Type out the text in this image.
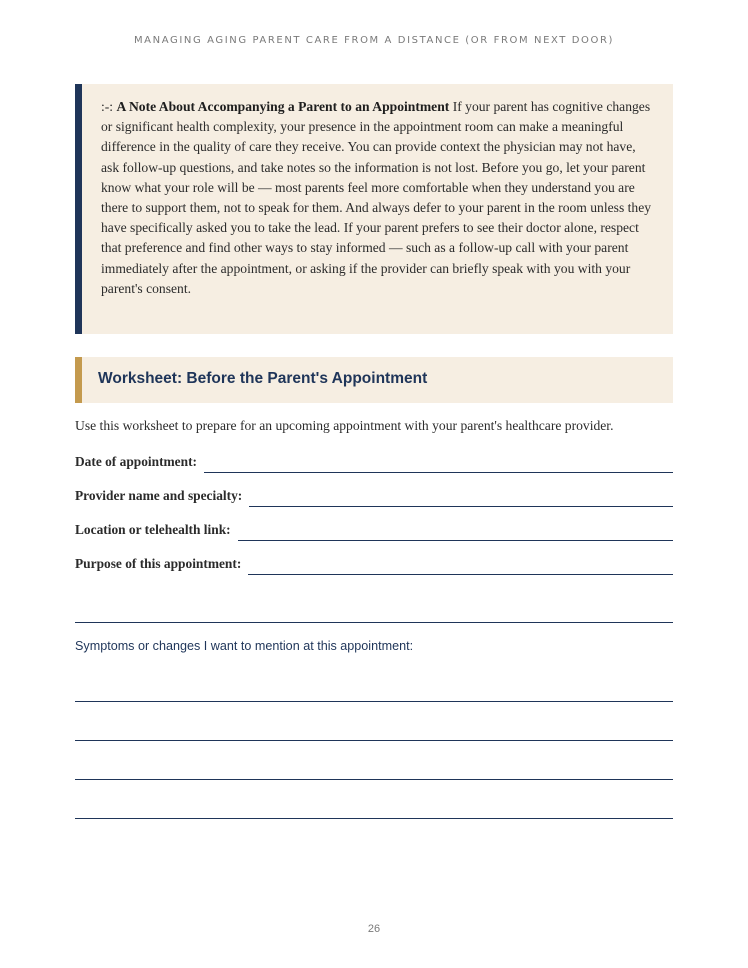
MANAGING AGING PARENT CARE FROM A DISTANCE (OR FROM NEXT DOOR)
:-: A Note About Accompanying a Parent to an Appointment If your parent has cognitive changes or significant health complexity, your presence in the appointment room can make a meaningful difference in the quality of care they receive. You can provide context the physician may not have, ask follow-up questions, and take notes so the information is not lost. Before you go, let your parent know what your role will be — most parents feel more comfortable when they understand you are there to support them, not to speak for them. And always defer to your parent in the room unless they have specifically asked you to take the lead. If your parent prefers to see their doctor alone, respect that preference and find other ways to stay informed — such as a follow-up call with your parent immediately after the appointment, or asking if the provider can briefly speak with you with your parent's consent.
Worksheet: Before the Parent's Appointment
Use this worksheet to prepare for an upcoming appointment with your parent's healthcare provider.
Date of appointment:
Provider name and specialty:
Location or telehealth link:
Purpose of this appointment:
Symptoms or changes I want to mention at this appointment:
26
